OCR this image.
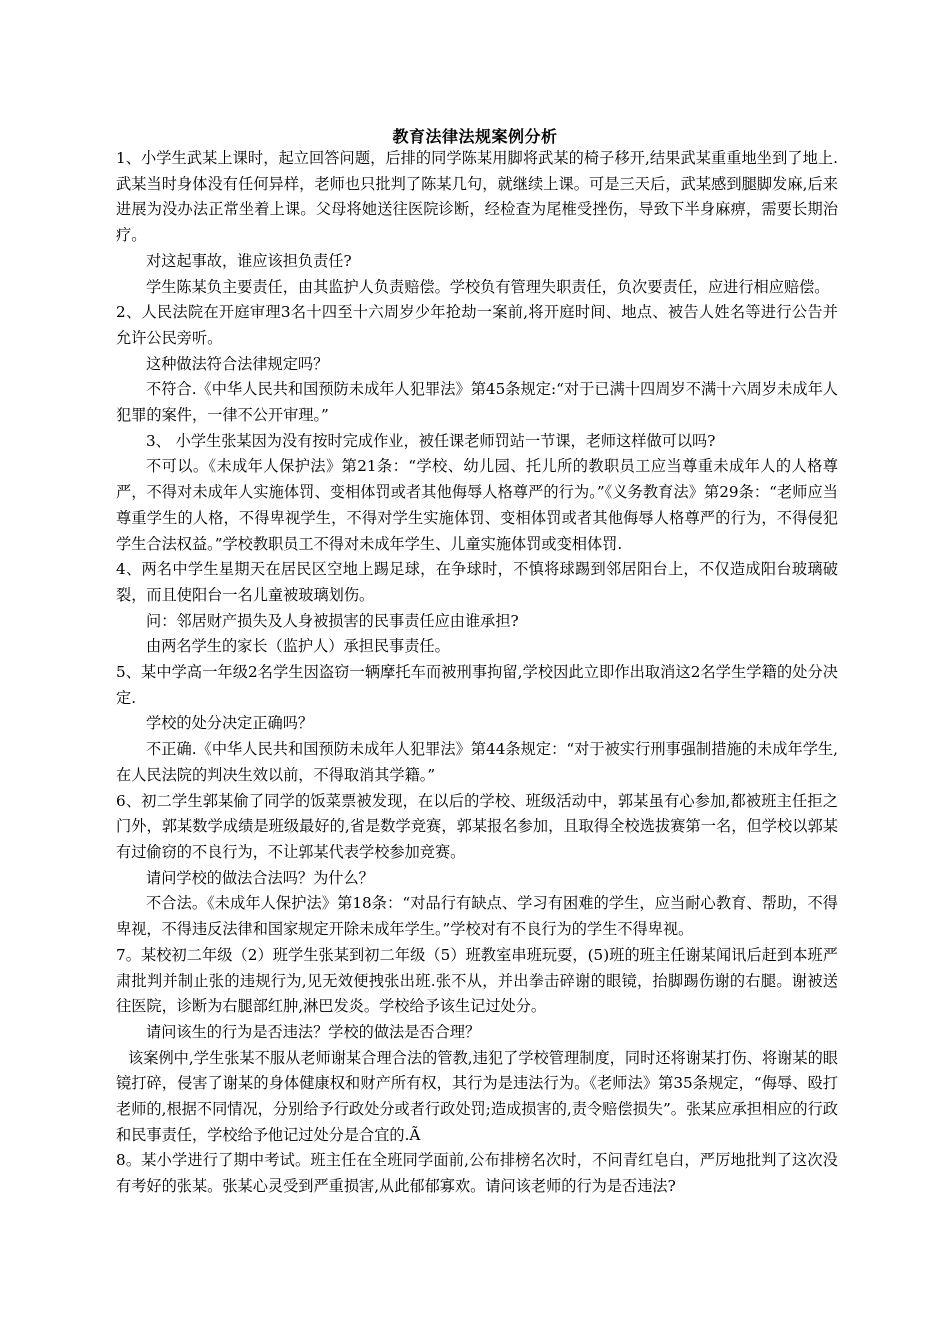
教育法律法规案例分析

1、小学生武某上课时，起立回答问题，后排的同学陈某用脚将武某的椅子移开,结果武某重重地坐到了地上.武某当时身体没有任何异样，老师也只批判了陈某几句，就继续上课。可是三天后，武某感到腿脚发麻,后来进展为没办法正常坐着上课。父母将她送往医院诊断，经检查为尾椎受挫伤，导致下半身麻痹，需要长期治疗。

对这起事故，谁应该担负责任?

学生陈某负主要责任，由其监护人负责赔偿。学校负有管理失职责任，负次要责任，应进行相应赔偿。

2、人民法院在开庭审理3名十四至十六周岁少年抢劫一案前,将开庭时间、地点、被告人姓名等进行公告并允许公民旁听。

这种做法符合法律规定吗？

不符合.《中华人民共和国预防未成年人犯罪法》第45条规定:“对于已满十四周岁不满十六周岁未成年人犯罪的案件，一律不公开审理。”

3、 小学生张某因为没有按时完成作业，被任课老师罚站一节课，老师这样做可以吗?

不可以。《未成年人保护法》第21条：“学校、幼儿园、托儿所的教职员工应当尊重未成年人的人格尊严，不得对未成年人实施体罚、变相体罚或者其他侮辱人格尊严的行为。”《义务教育法》第29条：“老师应当尊重学生的人格，不得卑视学生，不得对学生实施体罚、变相体罚或者其他侮辱人格尊严的行为，不得侵犯学生合法权益。”学校教职员工不得对未成年学生、儿童实施体罚或变相体罚.

4、两名中学生星期天在居民区空地上踢足球，在争球时，不慎将球踢到邻居阳台上，不仅造成阳台玻璃破裂，而且使阳台一名儿童被玻璃划伤。

问：邻居财产损失及人身被损害的民事责任应由谁承担?

由两名学生的家长（监护人）承担民事责任。

5、某中学高一年级2名学生因盗窃一辆摩托车而被刑事拘留,学校因此立即作出取消这2名学生学籍的处分决定.

学校的处分决定正确吗？

不正确.《中华人民共和国预防未成年人犯罪法》第44条规定：“对于被实行刑事强制措施的未成年学生,在人民法院的判决生效以前，不得取消其学籍。”

6、初二学生郭某偷了同学的饭菜票被发现，在以后的学校、班级活动中，郭某虽有心参加,都被班主任拒之门外，郭某数学成绩是班级最好的,省是数学竞赛，郭某报名参加，且取得全校选拔赛第一名，但学校以郭某有过偷窃的不良行为，不让郭某代表学校参加竞赛。

请问学校的做法合法吗？为什么？

不合法。《未成年人保护法》第18条：“对品行有缺点、学习有困难的学生，应当耐心教育、帮助，不得卑视，不得违反法律和国家规定开除未成年学生。”学校对有不良行为的学生不得卑视。

7。某校初二年级（2）班学生张某到初二年级（5）班教室串班玩耍，(5)班的班主任谢某闻讯后赶到本班严肃批判并制止张的违规行为,见无效便拽张出班.张不从，并出拳击碎谢的眼镜，抬脚踢伤谢的右腿。谢被送往医院，诊断为右腿部红肿,淋巴发炎。学校给予该生记过处分。

请问该生的行为是否违法？学校的做法是否合理？

该案例中,学生张某不服从老师谢某合理合法的管教,违犯了学校管理制度，同时还将谢某打伤、将谢某的眼镜打碎，侵害了谢某的身体健康权和财产所有权，其行为是违法行为。《老师法》第35条规定，“侮辱、殴打老师的,根据不同情况，分别给予行政处分或者行政处罚;造成损害的,责令赔偿损失”。张某应承担相应的行政和民事责任，学校给予他记过处分是合宜的.Ã

8。某小学进行了期中考试。班主任在全班同学面前,公布排榜名次时，不问青红皂白，严厉地批判了这次没有考好的张某。张某心灵受到严重损害,从此郁郁寡欢。请问该老师的行为是否违法?
